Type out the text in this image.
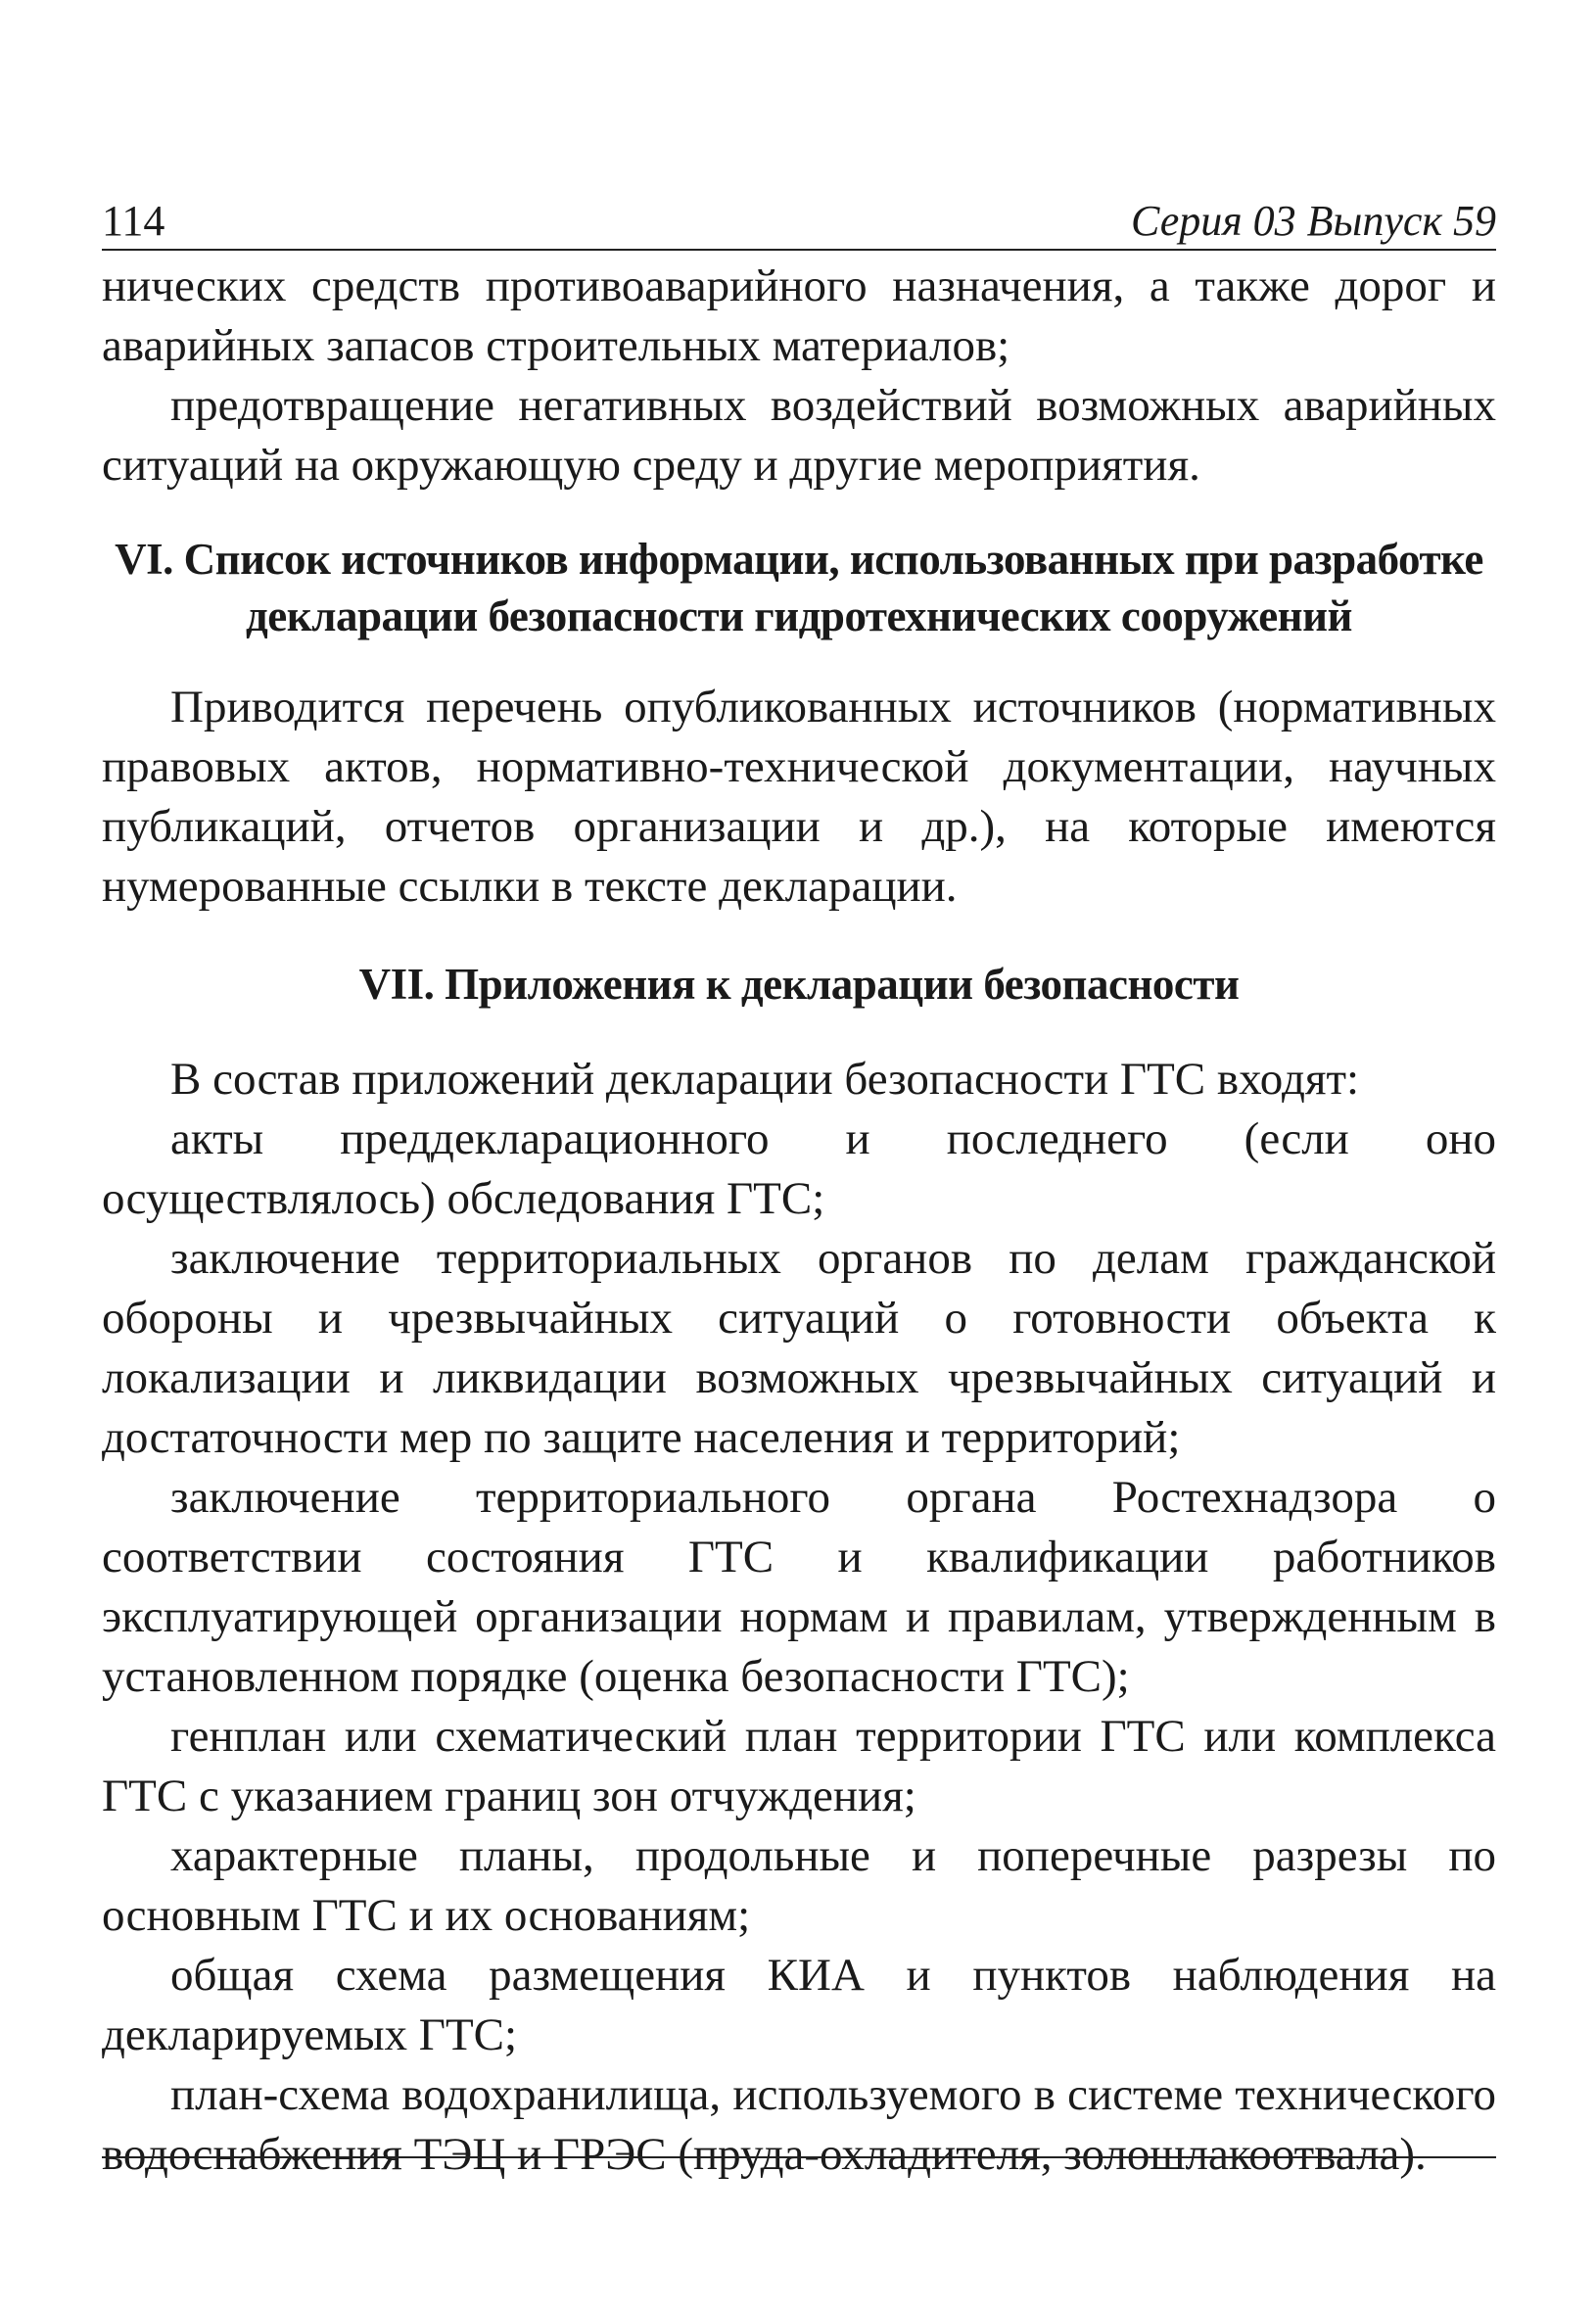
114	Серия 03 Выпуск 59

нических средств противоаварийного назначения, а также дорог и аварийных запасов строительных материалов;

предотвращение негативных воздействий возможных аварийных ситуаций на окружающую среду и другие мероприятия.

VI. Список источников информации, использованных при разработке декларации безопасности гидротехнических сооружений

Приводится перечень опубликованных источников (нормативных правовых актов, нормативно-технической документации, научных публикаций, отчетов организации и др.), на которые имеются нумерованные ссылки в тексте декларации.

VII. Приложения к декларации безопасности

В состав приложений декларации безопасности ГТС входят:

акты преддекларационного и последнего (если оно осуществлялось) обследования ГТС;

заключение территориальных органов по делам гражданской обороны и чрезвычайных ситуаций о готовности объекта к локализации и ликвидации возможных чрезвычайных ситуаций и достаточности мер по защите населения и территорий;

заключение территориального органа Ростехнадзора о соответствии состояния ГТС и квалификации работников эксплуатирующей организации нормам и правилам, утвержденным в установленном порядке (оценка безопасности ГТС);

генплан или схематический план территории ГТС или комплекса ГТС с указанием границ зон отчуждения;

характерные планы, продольные и поперечные разрезы по основным ГТС и их основаниям;

общая схема размещения КИА и пунктов наблюдения на декларируемых ГТС;

план-схема водохранилища, используемого в системе технического водоснабжения ТЭЦ и ГРЭС (пруда-охладителя, золошлакоотвала).
